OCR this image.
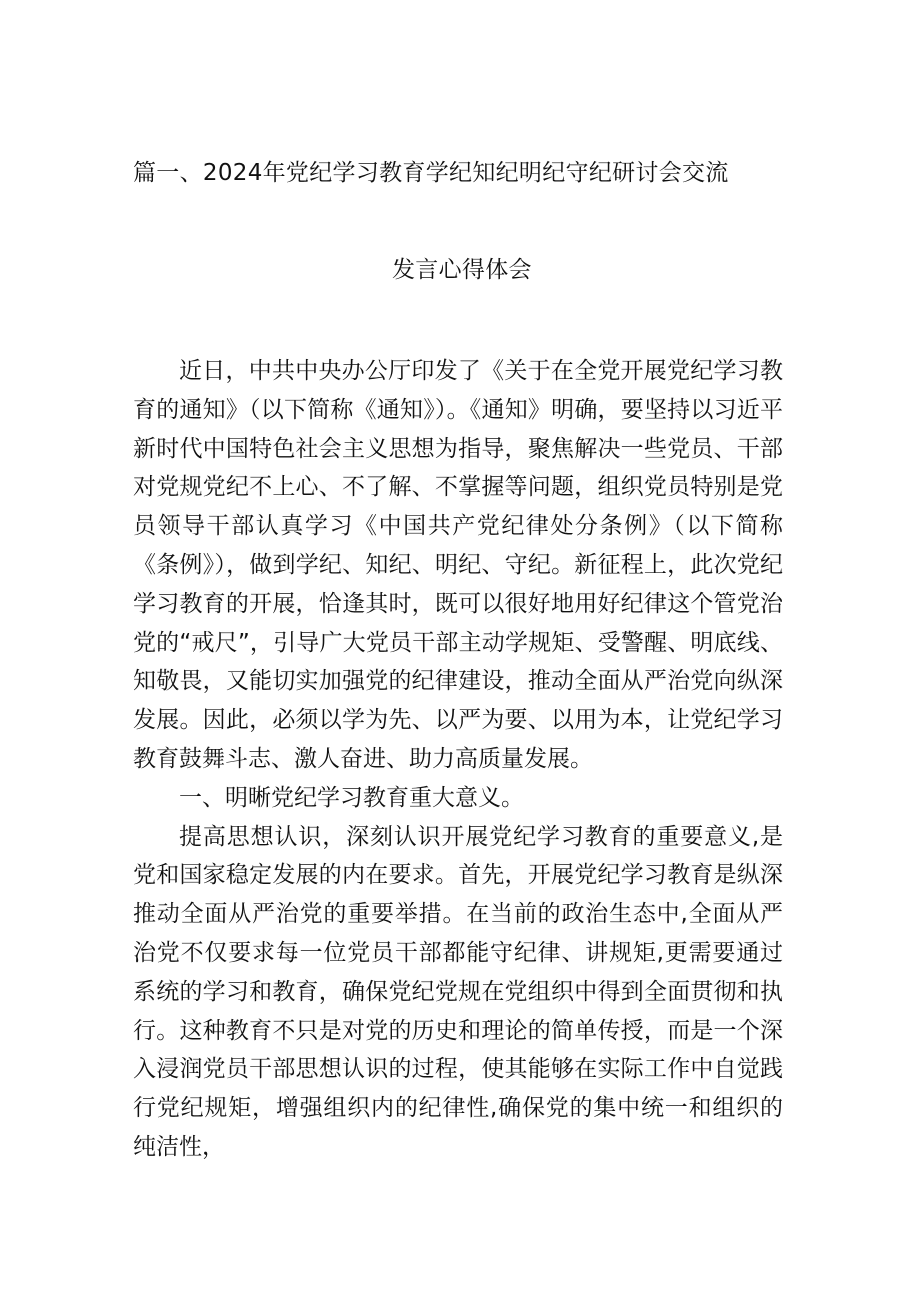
篇一、2024年党纪学习教育学纪知纪明纪守纪研讨会交流
发言心得体会

近日，中共中央办公厅印发了《关于在全党开展党纪学习教育的通知》（以下简称《通知》）。《通知》明确，要坚持以习近平新时代中国特色社会主义思想为指导，聚焦解决一些党员、干部对党规党纪不上心、不了解、不掌握等问题，组织党员特别是党员领导干部认真学习《中国共产党纪律处分条例》（以下简称《条例》），做到学纪、知纪、明纪、守纪。新征程上，此次党纪学习教育的开展，恰逢其时，既可以很好地用好纪律这个管党治党的“戒尺”，引导广大党员干部主动学规矩、受警醒、明底线、知敬畏，又能切实加强党的纪律建设，推动全面从严治党向纵深发展。因此，必须以学为先、以严为要、以用为本，让党纪学习教育鼓舞斗志、激人奋进、助力高质量发展。

一、明晰党纪学习教育重大意义。

提高思想认识，深刻认识开展党纪学习教育的重要意义,是党和国家稳定发展的内在要求。首先，开展党纪学习教育是纵深推动全面从严治党的重要举措。在当前的政治生态中,全面从严治党不仅要求每一位党员干部都能守纪律、讲规矩,更需要通过系统的学习和教育，确保党纪党规在党组织中得到全面贯彻和执行。这种教育不只是对党的历史和理论的简单传授，而是一个深入浸润党员干部思想认识的过程，使其能够在实际工作中自觉践行党纪规矩，增强组织内的纪律性,确保党的集中统一和组织的纯洁性，
